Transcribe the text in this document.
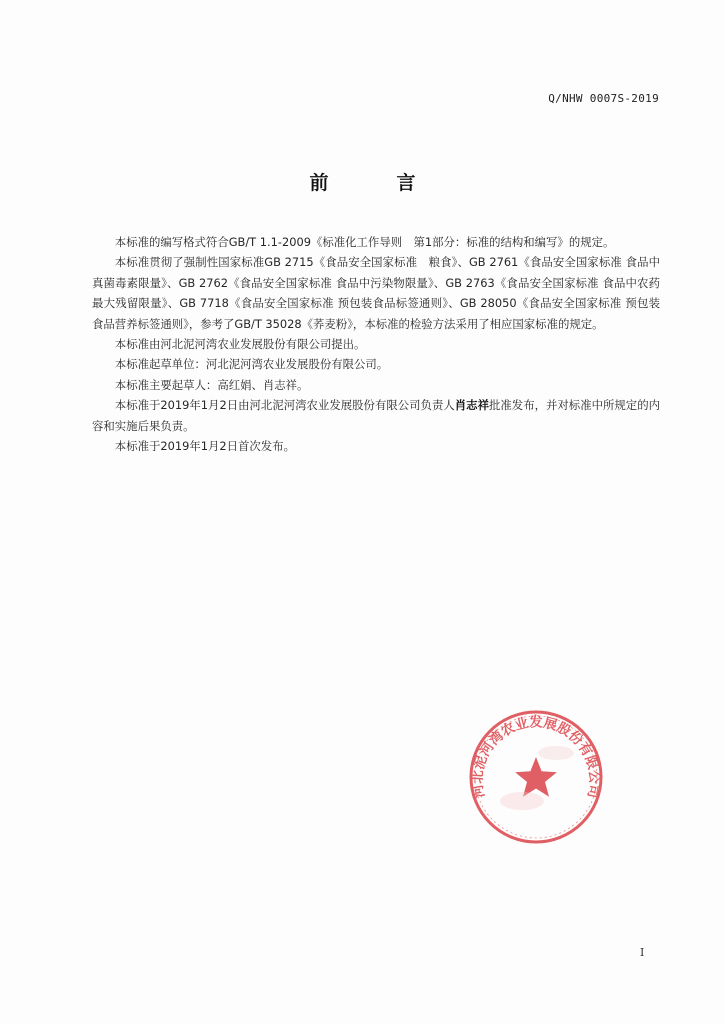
Q/NHW 0007S-2019
前言

本标准的编写格式符合GB/T 1.1-2009《标准化工作导则　第1部分：标准的结构和编写》的规定。

本标准贯彻了强制性国家标准GB 2715《食品安全国家标准　粮食》、GB 2761《食品安全国家标准 食品中真菌毒素限量》、GB 2762《食品安全国家标准 食品中污染物限量》、GB 2763《食品安全国家标准 食品中农药最大残留限量》、GB 7718《食品安全国家标准 预包装食品标签通则》、GB 28050《食品安全国家标准 预包装食品营养标签通则》，参考了GB/T 35028《荞麦粉》，本标准的检验方法采用了相应国家标准的规定。

本标准由河北泥河湾农业发展股份有限公司提出。

本标准起草单位：河北泥河湾农业发展股份有限公司。

本标准主要起草人：高红娟、肖志祥。

本标准于2019年1月2日由河北泥河湾农业发展股份有限公司负责人肖志祥批准发布，并对标准中所规定的内容和实施后果负责。

本标准于2019年1月2日首次发布。

河北泥河湾农业发展股份有限公司
I
